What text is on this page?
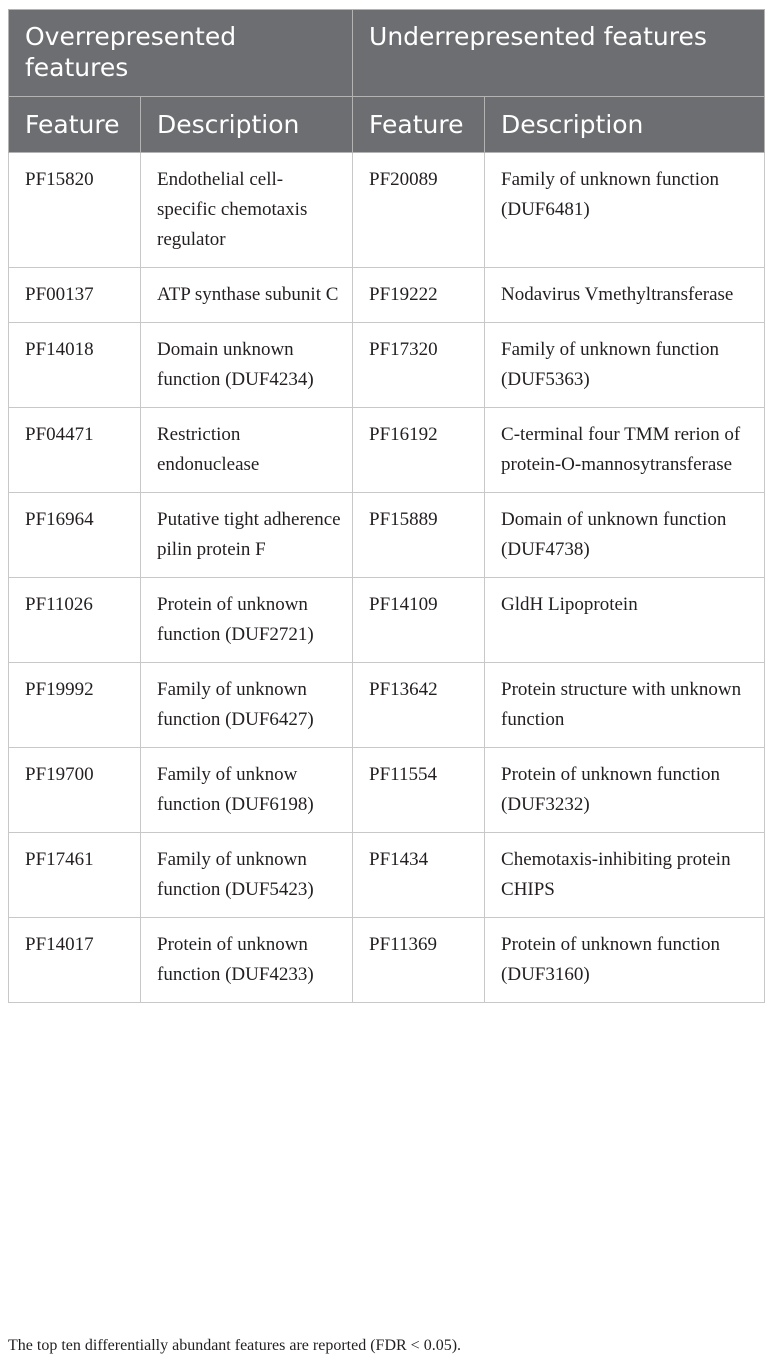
Overrepresented features		Underrepresented features	
Feature	Description	Feature	Description
PF15820	Endothelial cell-specific chemotaxis regulator	PF20089	Family of unknown function (DUF6481)
PF00137	ATP synthase subunit C	PF19222	Nodavirus Vmethyltransferase
PF14018	Domain unknown function (DUF4234)	PF17320	Family of unknown function (DUF5363)
PF04471	Restriction endonuclease	PF16192	C-terminal four TMM rerion of protein-O-mannosytransferase
PF16964	Putative tight adherence pilin protein F	PF15889	Domain of unknown function (DUF4738)
PF11026	Protein of unknown function (DUF2721)	PF14109	GldH Lipoprotein
PF19992	Family of unknown function (DUF6427)	PF13642	Protein structure with unknown function
PF19700	Family of unknow function (DUF6198)	PF11554	Protein of unknown function (DUF3232)
PF17461	Family of unknown function (DUF5423)	PF1434	Chemotaxis-inhibiting protein CHIPS
PF14017	Protein of unknown function (DUF4233)	PF11369	Protein of unknown function (DUF3160)
The top ten differentially abundant features are reported (FDR < 0.05).
